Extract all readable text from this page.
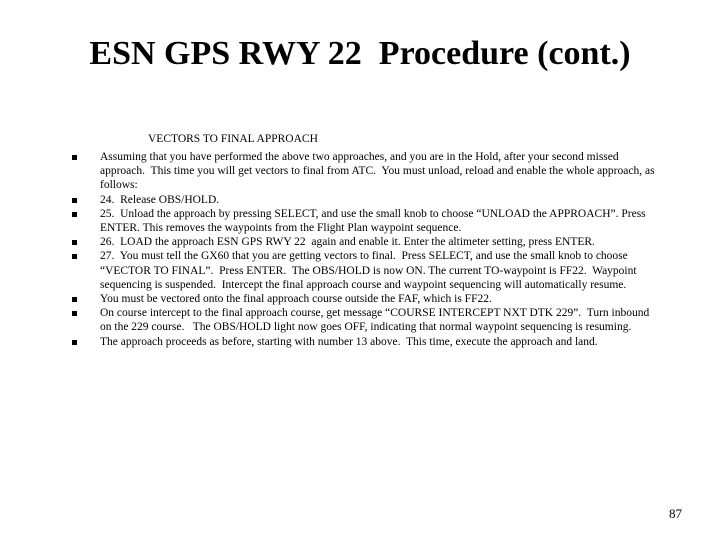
ESN GPS RWY 22  Procedure (cont.)
VECTORS TO FINAL APPROACH
Assuming that you have performed the above two approaches, and you are in the Hold, after your second missed approach.  This time you will get vectors to final from ATC.  You must unload, reload and enable the whole approach, as follows:
24.  Release OBS/HOLD.
25.  Unload the approach by pressing SELECT, and use the small knob to choose “UNLOAD the APPROACH”. Press ENTER. This removes the waypoints from the Flight Plan waypoint sequence.
26.  LOAD the approach ESN GPS RWY 22  again and enable it. Enter the altimeter setting, press ENTER.
27.  You must tell the GX60 that you are getting vectors to final.  Press SELECT, and use the small knob to choose “VECTOR TO FINAL”.  Press ENTER.  The OBS/HOLD is now ON. The current TO-waypoint is FF22.  Waypoint sequencing is suspended.  Intercept the final approach course and waypoint sequencing will automatically resume.
You must be vectored onto the final approach course outside the FAF, which is FF22.
On course intercept to the final approach course, get message “COURSE INTERCEPT NXT DTK 229”.  Turn inbound on the 229 course.   The OBS/HOLD light now goes OFF, indicating that normal waypoint sequencing is resuming.
The approach proceeds as before, starting with number 13 above.  This time, execute the approach and land.
87
